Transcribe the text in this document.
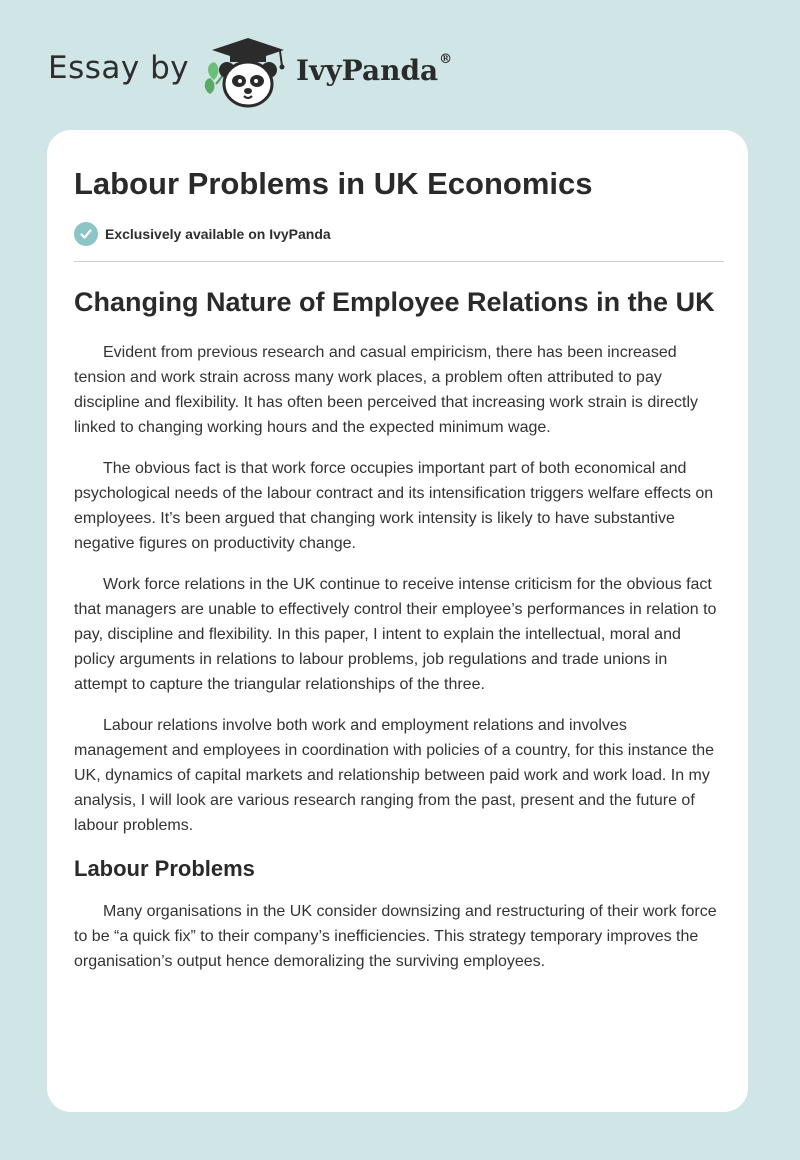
Essay by	IvyPanda®
Labour Problems in UK Economics
Exclusively available on IvyPanda
Changing Nature of Employee Relations in the UK

Evident from previous research and casual empiricism, there has been increased tension and work strain across many work places, a problem often attributed to pay discipline and flexibility. It has often been perceived that increasing work strain is directly linked to changing working hours and the expected minimum wage.

The obvious fact is that work force occupies important part of both economical and psychological needs of the labour contract and its intensification triggers welfare effects on employees. It’s been argued that changing work intensity is likely to have substantive negative figures on productivity change.

Work force relations in the UK continue to receive intense criticism for the obvious fact that managers are unable to effectively control their employee’s performances in relation to pay, discipline and flexibility. In this paper, I intent to explain the intellectual, moral and policy arguments in relations to labour problems, job regulations and trade unions in attempt to capture the triangular relationships of the three.

Labour relations involve both work and employment relations and involves management and employees in coordination with policies of a country, for this instance the UK, dynamics of capital markets and relationship between paid work and work load. In my analysis, I will look are various research ranging from the past, present and the future of labour problems.

Labour Problems

Many organisations in the UK consider downsizing and restructuring of their work force to be “a quick fix” to their company’s inefficiencies. This strategy temporary improves the organisation’s output hence demoralizing the surviving employees.
